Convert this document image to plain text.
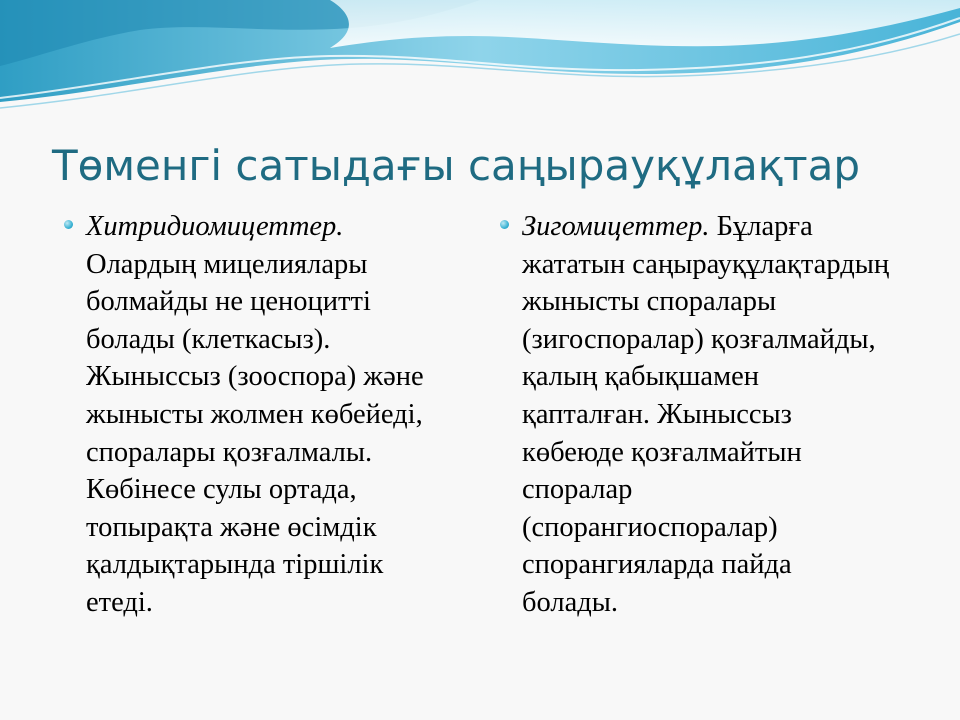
Төменгі сатыдағы саңырауқұлақтар
Хитридиомицеттер. Олардың мицелиялары болмайды не ценоцитті болады (клеткасыз). Жыныссыз (зооспора) және жынысты жолмен көбейеді, споралары қозғалмалы. Көбінесе сулы ортада, топырақта және өсімдік қалдықтарында тіршілік етеді.
Зигомицеттер. Бұларға жататын саңырауқұлақтардың жынысты споралары (зигоспоралар) қозғалмайды, қалың қабықшамен қапталған. Жыныссыз көбеюде қозғалмайтын споралар (спорангиоспоралар) спорангияларда пайда болады.
